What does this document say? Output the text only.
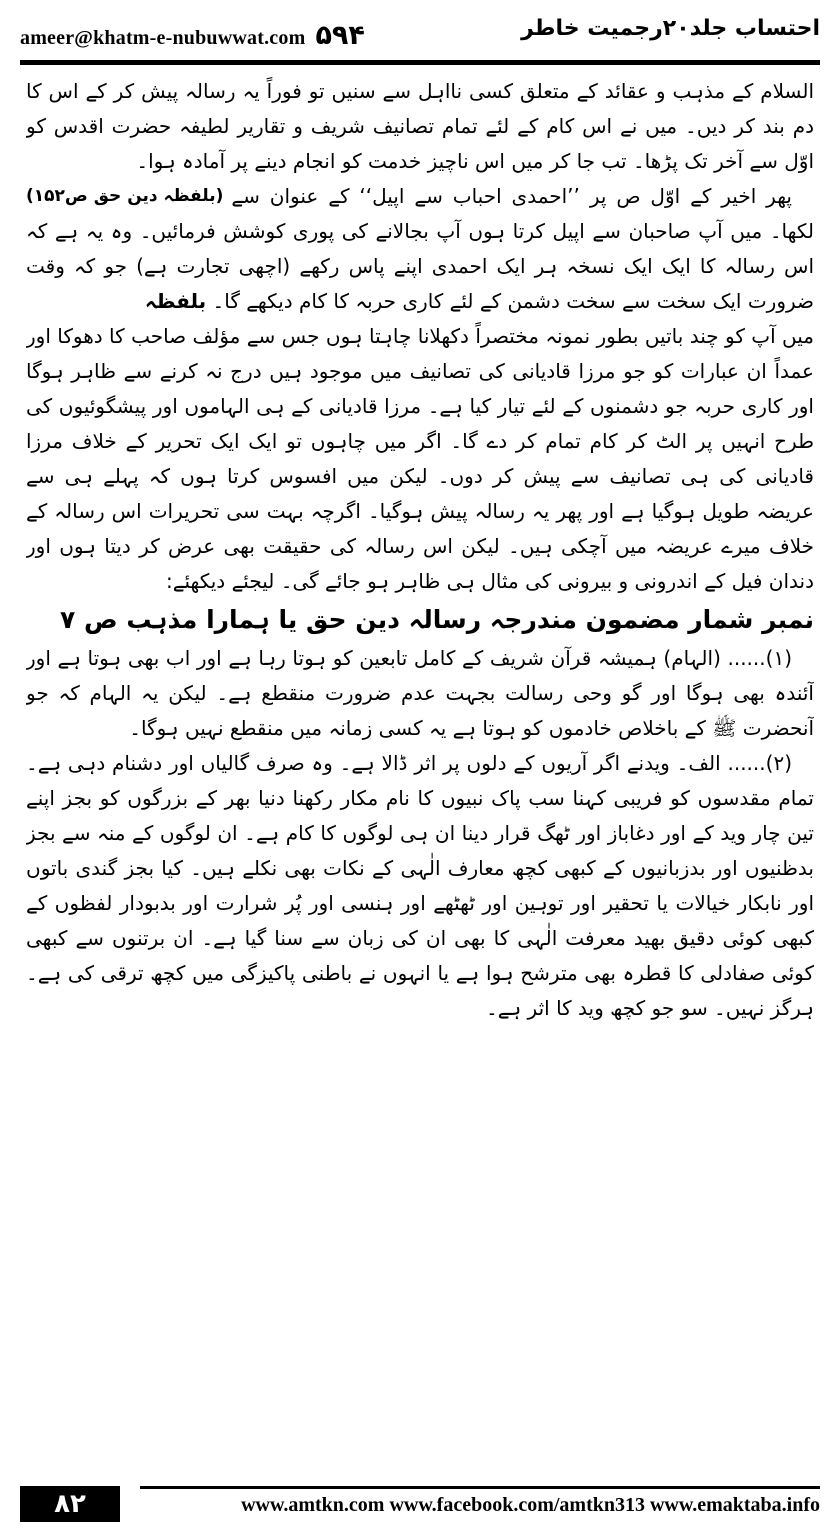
ameer@khatm-e-nubuwwat.com ۵۹۴	احتساب جلد۲۰رجمیت خاطر

السلام کے مذہب و عقائد کے متعلق کسی نااہل سے سنیں تو فوراً یہ رسالہ پیش کر کے اس کا دم بند کر دیں۔ میں نے اس کام کے لئے تمام تصانیف شریف و تقاریر لطیفہ حضرت اقدس کو اوّل سے آخر تک پڑھا۔ تب جا کر میں اس ناچیز خدمت کو انجام دینے پر آمادہ ہوا۔
(بلفظہ دین حق ص۱۵۲) پھر اخیر کے اوّل ص پر ’’احمدی احباب سے اپیل‘‘ کے عنوان سے لکھا۔ میں آپ صاحبان سے اپیل کرتا ہوں آپ بجالانے کی پوری کوشش فرمائیں۔ وہ یہ ہے کہ اس رسالہ کا ایک ایک نسخہ ہر ایک احمدی اپنے پاس رکھے (اچھی تجارت ہے) جو کہ وقت ضرورت ایک سخت سے سخت دشمن کے لئے کاری حربہ کا کام دیکھے گا۔ بلفظہ

میں آپ کو چند باتیں بطور نمونہ مختصراً دکھلانا چاہتا ہوں جس سے مؤلف صاحب کا دھوکا اور عمداً ان عبارات کو جو مرزا قادیانی کی تصانیف میں موجود ہیں درج نہ کرنے سے ظاہر ہوگا اور کاری حربہ جو دشمنوں کے لئے تیار کیا ہے۔ مرزا قادیانی کے ہی الہاموں اور پیشگوئیوں کی طرح انہیں پر الٹ کر کام تمام کر دے گا۔ اگر میں چاہوں تو ایک ایک تحریر کے خلاف مرزا قادیانی کی ہی تصانیف سے پیش کر دوں۔ لیکن میں افسوس کرتا ہوں کہ پہلے ہی سے عریضہ طویل ہوگیا ہے اور پھر یہ رسالہ پیش ہوگیا۔ اگرچہ بہت سی تحریرات اس رسالہ کے خلاف میرے عریضہ میں آچکی ہیں۔ لیکن اس رسالہ کی حقیقت بھی عرض کر دیتا ہوں اور دندان فیل کے اندرونی و بیرونی کی مثال ہی ظاہر ہو جائے گی۔ لیجئے دیکھئے:

نمبر شمار مضمون مندرجہ رسالہ دین حق یا ہمارا مذہب ص ۷

(۱)...... (الہام) ہمیشہ قرآن شریف کے کامل تابعین کو ہوتا رہا ہے اور اب بھی ہوتا ہے اور آئندہ بھی ہوگا اور گو وحی رسالت بجہت عدم ضرورت منقطع ہے۔ لیکن یہ الہام کہ جو آنحضرت ﷺ کے باخلاص خادموں کو ہوتا ہے یہ کسی زمانہ میں منقطع نہیں ہوگا۔

(۲)...... الف۔ ویدنے اگر آریوں کے دلوں پر اثر ڈالا ہے۔ وہ صرف گالیاں اور دشنام دہی ہے۔ تمام مقدسوں کو فریبی کہنا سب پاک نبیوں کا نام مکار رکھنا دنیا بھر کے بزرگوں کو بجز اپنے تین چار وید کے اور دغاباز اور ٹھگ قرار دینا ان ہی لوگوں کا کام ہے۔ ان لوگوں کے منہ سے بجز بدظنیوں اور بدزبانیوں کے کبھی کچھ معارف الٰہی کے نکات بھی نکلے ہیں۔ کیا بجز گندی باتوں اور نابکار خیالات یا تحقیر اور توہین اور ٹھٹھے اور ہنسی اور پُر شرارت اور بدبودار لفظوں کے کبھی کوئی دقیق بھید معرفت الٰہی کا بھی ان کی زبان سے سنا گیا ہے۔ ان برتنوں سے کبھی کوئی صفادلی کا قطرہ بھی مترشح ہوا ہے یا انہوں نے باطنی پاکیزگی میں کچھ ترقی کی ہے۔ ہرگز نہیں۔ سو جو کچھ وید کا اثر ہے۔

۸۲	www.amtkn.com www.facebook.com/amtkn313 www.emaktaba.info
